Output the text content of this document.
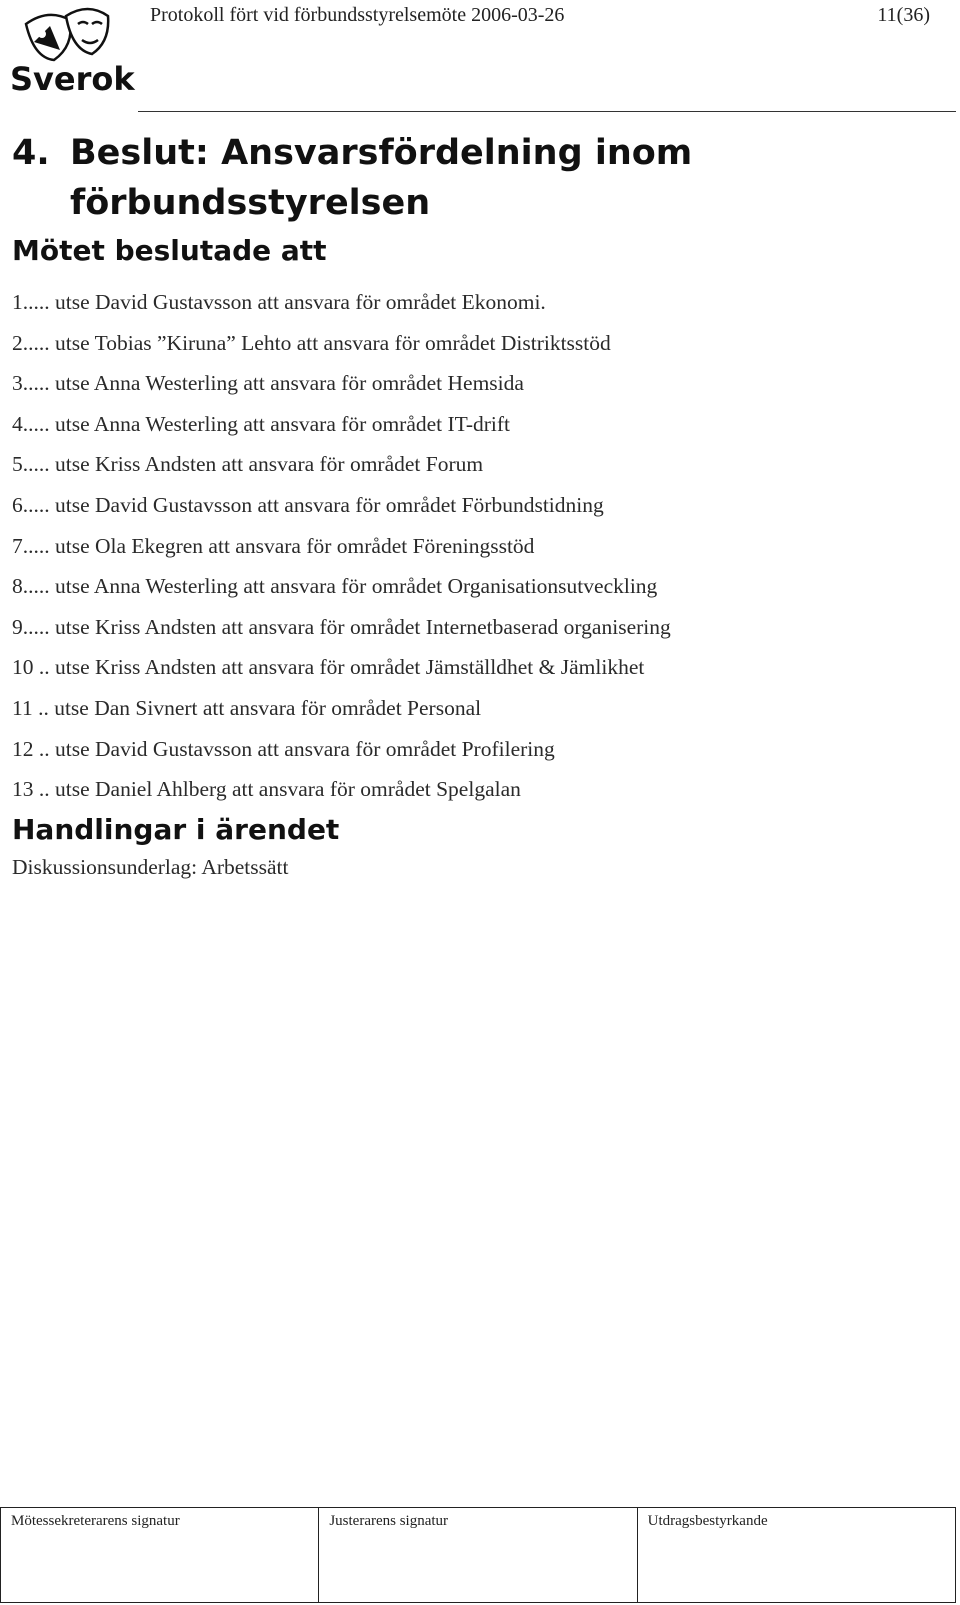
Sverok
Protokoll fört vid förbundsstyrelsemöte 2006-03-26	11(36)
4. Beslut: Ansvarsfördelning inom
förbundsstyrelsen
Mötet beslutade att
1..... utse David Gustavsson att ansvara för området Ekonomi.
2..... utse Tobias ”Kiruna” Lehto att ansvara för området Distriktsstöd
3..... utse Anna Westerling att ansvara för området Hemsida
4..... utse Anna Westerling att ansvara för området IT-drift
5..... utse Kriss Andsten att ansvara för området Forum
6..... utse David Gustavsson att ansvara för området Förbundstidning
7..... utse Ola Ekegren att ansvara för området Föreningsstöd
8..... utse Anna Westerling att ansvara för området Organisationsutveckling
9..... utse Kriss Andsten att ansvara för området Internetbaserad organisering
10 .. utse Kriss Andsten att ansvara för området Jämställdhet & Jämlikhet
11 .. utse Dan Sivnert att ansvara för området Personal
12 .. utse David Gustavsson att ansvara för området Profilering
13 .. utse Daniel Ahlberg att ansvara för området Spelgalan
Handlingar i ärendet
Diskussionsunderlag: Arbetssätt
Mötessekreterarens signatur	Justerarens signatur	Utdragsbestyrkande
